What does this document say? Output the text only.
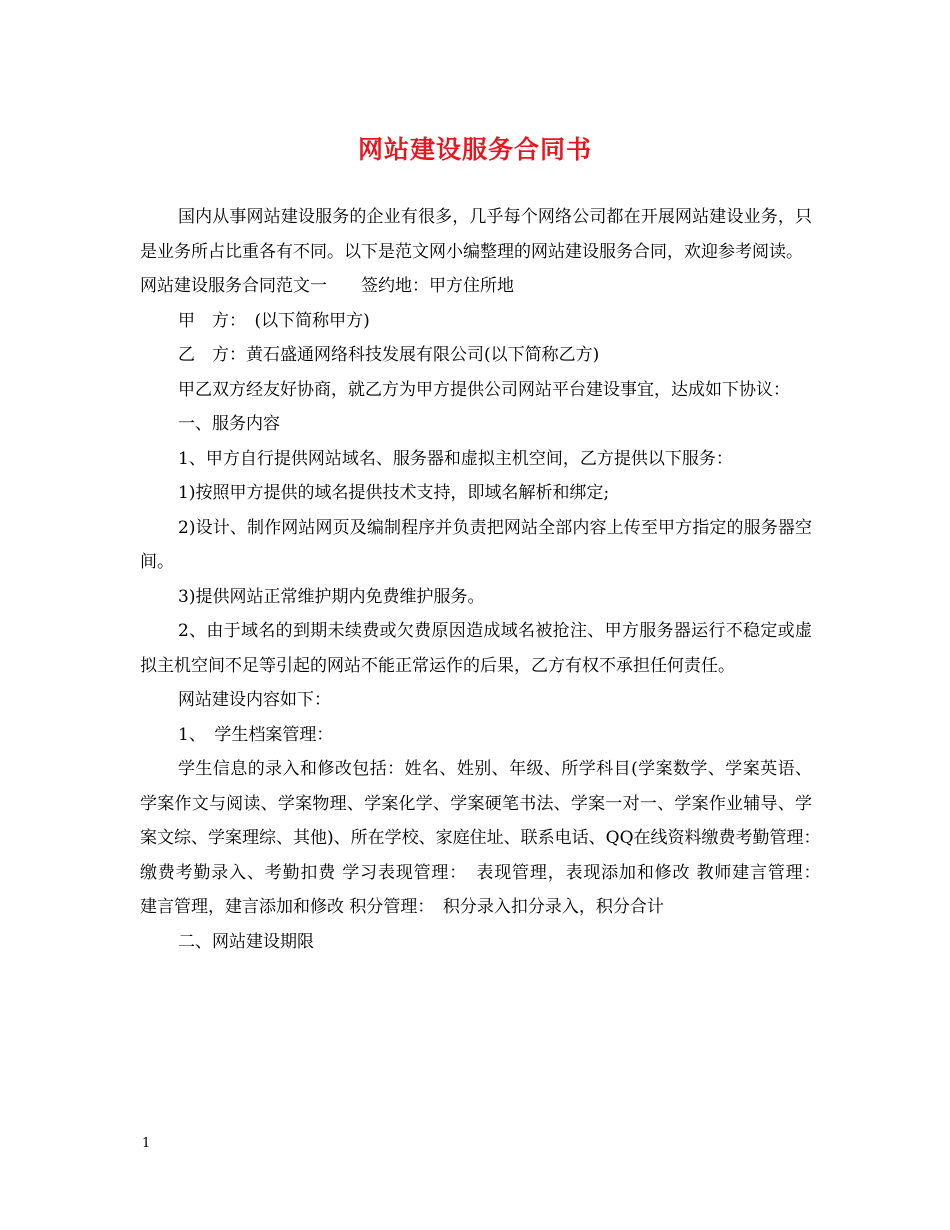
网站建设服务合同书

国内从事网站建设服务的企业有很多，几乎每个网络公司都在开展网站建设业务，只是业务所占比重各有不同。以下是范文网小编整理的网站建设服务合同，欢迎参考阅读。

网站建设服务合同范文一　　签约地：甲方住所地

甲　方：　(以下简称甲方)

乙　方：黄石盛通网络科技发展有限公司(以下简称乙方)

甲乙双方经友好协商，就乙方为甲方提供公司网站平台建设事宜，达成如下协议：

一、服务内容

1、甲方自行提供网站域名、服务器和虚拟主机空间，乙方提供以下服务：

1)按照甲方提供的域名提供技术支持，即域名解析和绑定;

2)设计、制作网站网页及编制程序并负责把网站全部内容上传至甲方指定的服务器空间。

3)提供网站正常维护期内免费维护服务。

2、由于域名的到期未续费或欠费原因造成域名被抢注、甲方服务器运行不稳定或虚拟主机空间不足等引起的网站不能正常运作的后果，乙方有权不承担任何责任。

网站建设内容如下：

1、　学生档案管理：

学生信息的录入和修改包括：姓名、姓别、年级、所学科目(学案数学、学案英语、学案作文与阅读、学案物理、学案化学、学案硬笔书法、学案一对一、学案作业辅导、学案文综、学案理综、其他)、所在学校、家庭住址、联系电话、QQ在线资料缴费考勤管理：　缴费考勤录入、考勤扣费 学习表现管理：　表现管理，表现添加和修改 教师建言管理：　建言管理，建言添加和修改 积分管理：　积分录入扣分录入，积分合计

二、网站建设期限

1
